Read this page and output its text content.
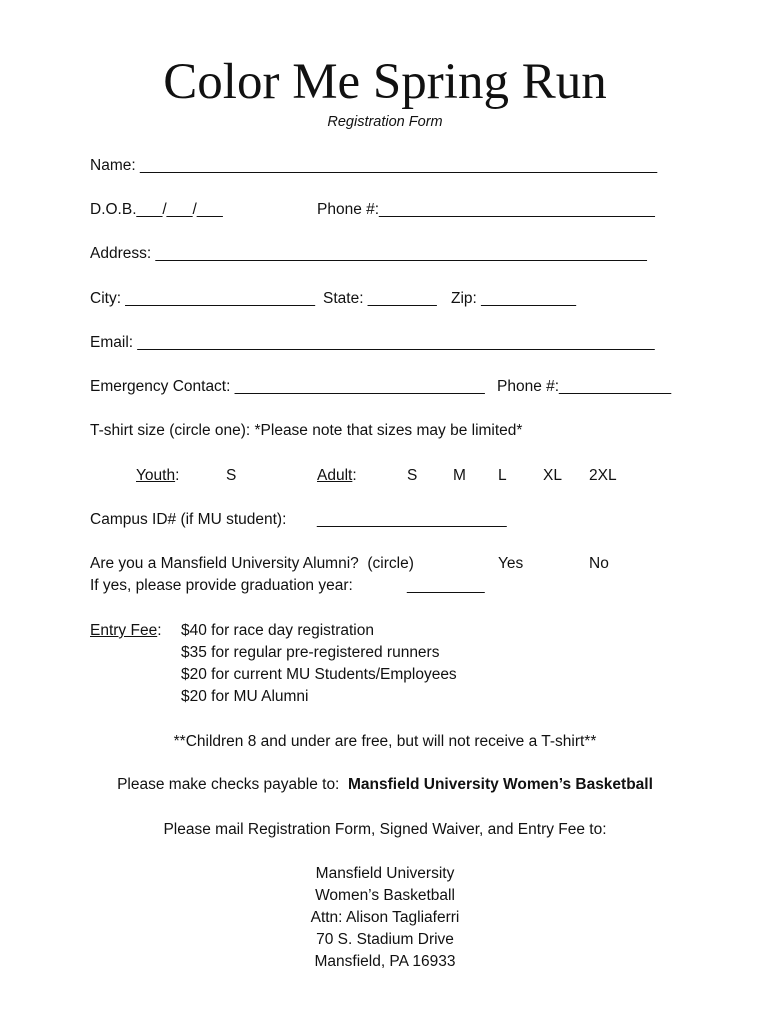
Color Me Spring Run
Registration Form
Name: ____________________________________________________________
D.O.B.___/___/___	Phone #:________________________________
Address: _________________________________________________________
City: ______________________ State: ________ Zip: ___________
Email: ____________________________________________________________
Emergency Contact: _____________________________ Phone #:_____________
T-shirt size (circle one): *Please note that sizes may be limited*
Youth:	S	Adult:	S M L XL 2XL
Campus ID# (if MU student): ______________________
Are you a Mansfield University Alumni?  (circle)	Yes	No
If yes, please provide graduation year:	_________
Entry Fee: $40 for race day registration
$35 for regular pre-registered runners
$20 for current MU Students/Employees
$20 for MU Alumni
**Children 8 and under are free, but will not receive a T-shirt**
Please make checks payable to:  Mansfield University Women’s Basketball
Please mail Registration Form, Signed Waiver, and Entry Fee to:
Mansfield University
Women’s Basketball
Attn: Alison Tagliaferri
70 S. Stadium Drive
Mansfield, PA 16933
